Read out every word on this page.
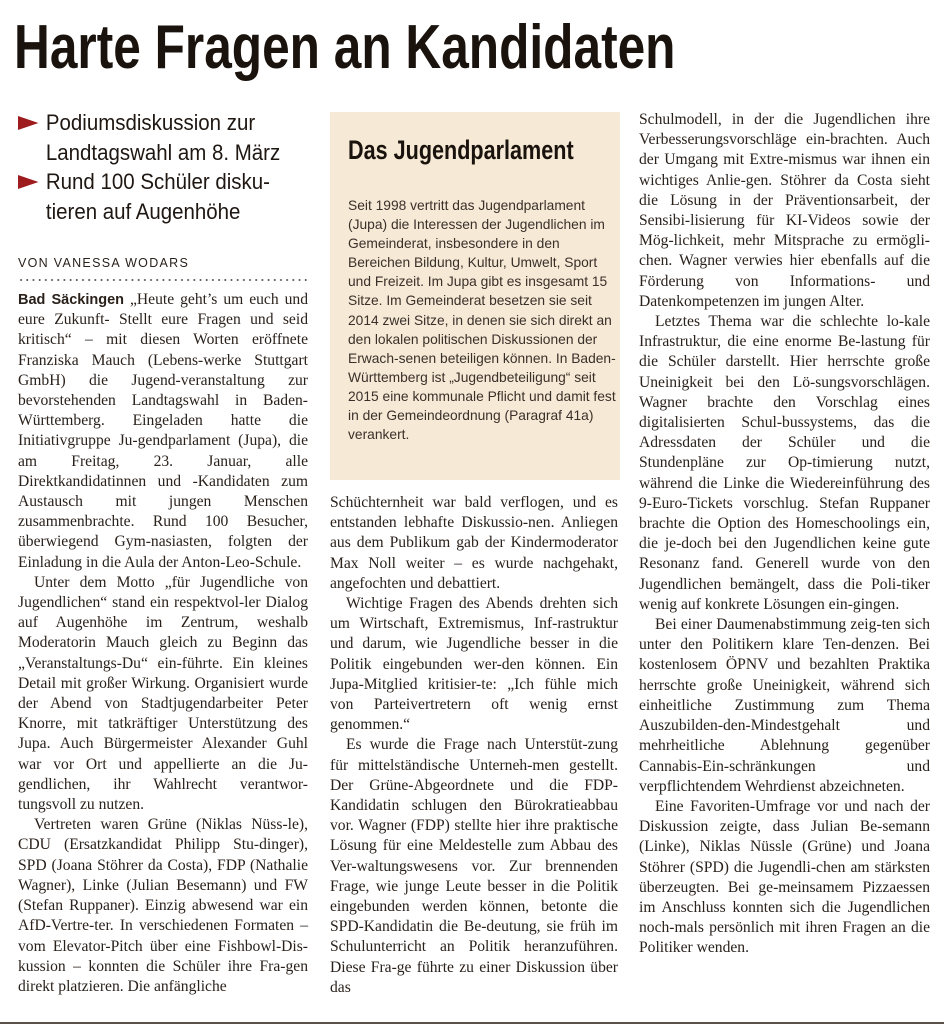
Harte Fragen an Kandidaten
Podiumsdiskussion zur Landtagswahl am 8. März
Rund 100 Schüler disku-tieren auf Augenhöhe
VON VANESSA WODARS

Bad Säckingen „Heute geht’s um euch und eure Zukunft- Stellt eure Fragen und seid kritisch“ – mit diesen Worten eröffnete Franziska Mauch (Lebens-werke Stuttgart GmbH) die Jugend-veranstaltung zur bevorstehenden Landtagswahl in Baden-Württemberg. Eingeladen hatte die Initiativgruppe Ju-gendparlament (Jupa), die am Freitag, 23. Januar, alle Direktkandidatinnen und -Kandidaten zum Austausch mit jungen Menschen zusammenbrachte. Rund 100 Besucher, überwiegend Gym-nasiasten, folgten der Einladung in die Aula der Anton-Leo-Schule.

Unter dem Motto „für Jugendliche von Jugendlichen“ stand ein respektvol-ler Dialog auf Augenhöhe im Zentrum, weshalb Moderatorin Mauch gleich zu Beginn das „Veranstaltungs-Du“ ein-führte. Ein kleines Detail mit großer Wirkung. Organisiert wurde der Abend von Stadtjugendarbeiter Peter Knorre, mit tatkräftiger Unterstützung des Jupa. Auch Bürgermeister Alexander Guhl war vor Ort und appellierte an die Ju-gendlichen, ihr Wahlrecht verantwor-tungsvoll zu nutzen.

Vertreten waren Grüne (Niklas Nüss-le), CDU (Ersatzkandidat Philipp Stu-dinger), SPD (Joana Stöhrer da Costa), FDP (Nathalie Wagner), Linke (Julian Besemann) und FW (Stefan Ruppaner). Einzig abwesend war ein AfD-Vertre-ter. In verschiedenen Formaten – vom Elevator-Pitch über eine Fishbowl-Dis-kussion – konnten die Schüler ihre Fra-gen direkt platzieren. Die anfängliche

Das Jugendparlament

Seit 1998 vertritt das Jugendparlament (Jupa) die Interessen der Jugendlichen im Gemeinderat, insbesondere in den Bereichen Bildung, Kultur, Umwelt, Sport und Freizeit. Im Jupa gibt es insgesamt 15 Sitze. Im Gemeinderat besetzen sie seit 2014 zwei Sitze, in denen sie sich direkt an den lokalen politischen Diskussionen der Erwach-senen beteiligen können. In Baden-Württemberg ist „Jugendbeteiligung“ seit 2015 eine kommunale Pflicht und damit fest in der Gemeindeordnung (Paragraf 41a) verankert.

Schüchternheit war bald verflogen, und es entstanden lebhafte Diskussio-nen. Anliegen aus dem Publikum gab der Kindermoderator Max Noll weiter – es wurde nachgehakt, angefochten und debattiert.

Wichtige Fragen des Abends drehten sich um Wirtschaft, Extremismus, Inf-rastruktur und darum, wie Jugendliche besser in die Politik eingebunden wer-den können. Ein Jupa-Mitglied kritisier-te: „Ich fühle mich von Parteivertretern oft wenig ernst genommen.“

Es wurde die Frage nach Unterstüt-zung für mittelständische Unterneh-men gestellt. Der Grüne-Abgeordnete und die FDP-Kandidatin schlugen den Bürokratieabbau vor. Wagner (FDP) stellte hier ihre praktische Lösung für eine Meldestelle zum Abbau des Ver-waltungswesens vor. Zur brennenden Frage, wie junge Leute besser in die Politik eingebunden werden können, betonte die SPD-Kandidatin die Be-deutung, sie früh im Schulunterricht an Politik heranzuführen. Diese Fra-ge führte zu einer Diskussion über das

Schulmodell, in der die Jugendlichen ihre Verbesserungsvorschläge ein-brachten. Auch der Umgang mit Extre-mismus war ihnen ein wichtiges Anlie-gen. Stöhrer da Costa sieht die Lösung in der Präventionsarbeit, der Sensibi-lisierung für KI-Videos sowie der Mög-lichkeit, mehr Mitsprache zu ermögli-chen. Wagner verwies hier ebenfalls auf die Förderung von Informations- und Datenkompetenzen im jungen Alter.

Letztes Thema war die schlechte lo-kale Infrastruktur, die eine enorme Be-lastung für die Schüler darstellt. Hier herrschte große Uneinigkeit bei den Lö-sungsvorschlägen. Wagner brachte den Vorschlag eines digitalisierten Schul-bussystems, das die Adressdaten der Schüler und die Stundenpläne zur Op-timierung nutzt, während die Linke die Wiedereinführung des 9-Euro-Tickets vorschlug. Stefan Ruppaner brachte die Option des Homeschoolings ein, die je-doch bei den Jugendlichen keine gute Resonanz fand. Generell wurde von den Jugendlichen bemängelt, dass die Poli-tiker wenig auf konkrete Lösungen ein-gingen.

Bei einer Daumenabstimmung zeig-ten sich unter den Politikern klare Ten-denzen. Bei kostenlosem ÖPNV und bezahlten Praktika herrschte große Uneinigkeit, während sich einheitliche Zustimmung zum Thema Auszubilden-den-Mindestgehalt und mehrheitliche Ablehnung gegenüber Cannabis-Ein-schränkungen und verpflichtendem Wehrdienst abzeichneten.

Eine Favoriten-Umfrage vor und nach der Diskussion zeigte, dass Julian Be-semann (Linke), Niklas Nüssle (Grüne) und Joana Stöhrer (SPD) die Jugendli-chen am stärksten überzeugten. Bei ge-meinsamem Pizzaessen im Anschluss konnten sich die Jugendlichen noch-mals persönlich mit ihren Fragen an die Politiker wenden.
